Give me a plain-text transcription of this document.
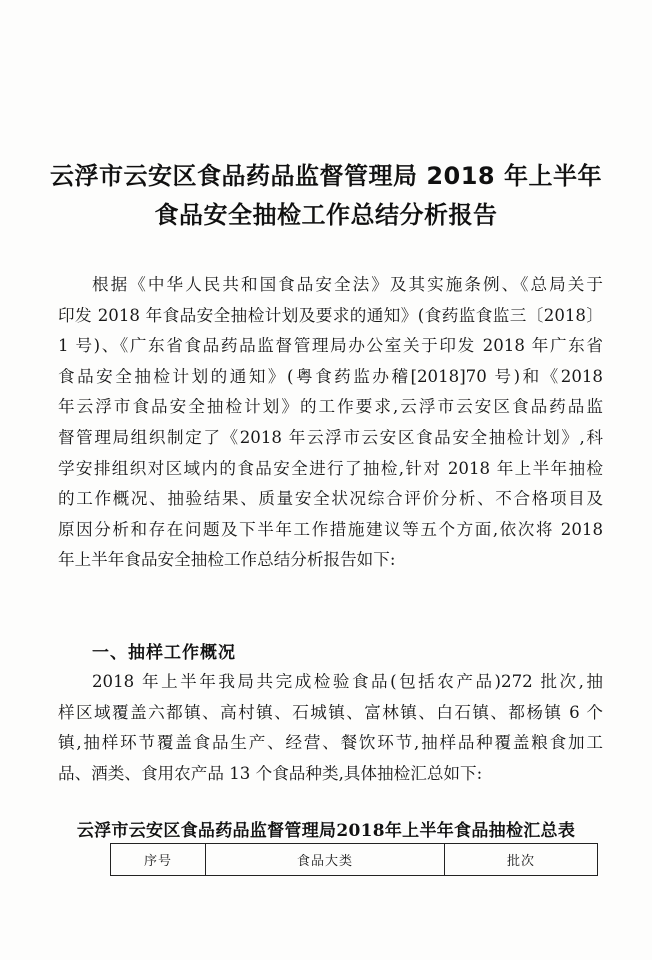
云浮市云安区食品药品监督管理局 2018 年上半年
食品安全抽检工作总结分析报告
根据《中华人民共和国食品安全法》及其实施条例、《总局关于
印发 2018 年食品安全抽检计划及要求的通知》(食药监食监三〔2018〕
1 号)、《广东省食品药品监督管理局办公室关于印发 2018 年广东省
食品安全抽检计划的通知》(粤食药监办稽[2018]70 号)和《2018
年云浮市食品安全抽检计划》的工作要求,云浮市云安区食品药品监
督管理局组织制定了《2018 年云浮市云安区食品安全抽检计划》,科
学安排组织对区域内的食品安全进行了抽检,针对 2018 年上半年抽检
的工作概况、抽验结果、质量安全状况综合评价分析、不合格项目及
原因分析和存在问题及下半年工作措施建议等五个方面,依次将 2018
年上半年食品安全抽检工作总结分析报告如下:
一、抽样工作概况
2018 年上半年我局共完成检验食品(包括农产品)272 批次,抽
样区域覆盖六都镇、高村镇、石城镇、富林镇、白石镇、都杨镇 6 个
镇,抽样环节覆盖食品生产、经营、餐饮环节,抽样品种覆盖粮食加工
品、酒类、食用农产品 13 个食品种类,具体抽检汇总如下:
云浮市云安区食品药品监督管理局2018年上半年食品抽检汇总表
序号	食品大类	批次
